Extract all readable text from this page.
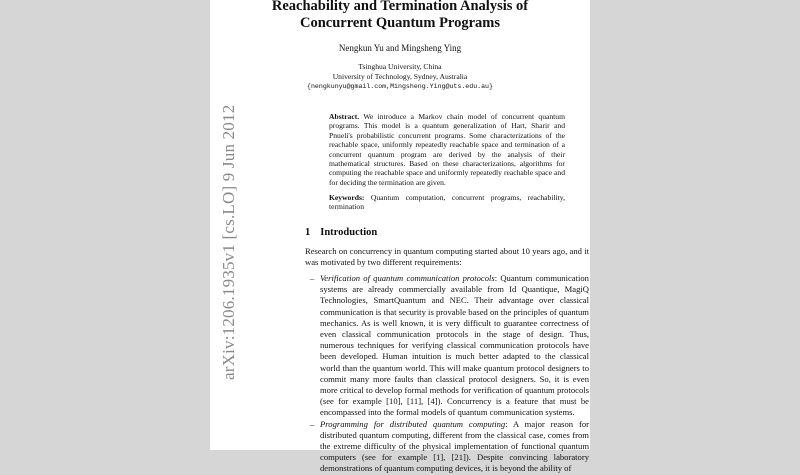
arXiv:1206.1935v1 [cs.LO] 9 Jun 2012
Reachability and Termination Analysis of
Concurrent Quantum Programs
Nengkun Yu and Mingsheng Ying
Tsinghua University, China
University of Technology, Sydney, Australia
{nengkunyu@gmail.com,Mingsheng.Ying@uts.edu.au}
Abstract. We introduce a Markov chain model of concurrent quantum programs. This model is a quantum generalization of Hart, Sharir and Pnueli's probabilistic concurrent programs. Some characterizations of the reachable space, uniformly repeatedly reachable space and termination of a concurrent quantum program are derived by the analysis of their mathematical structures. Based on these characterizations, algorithms for computing the reachable space and uniformly repeatedly reachable space and for deciding the termination are given.
Keywords: Quantum computation, concurrent programs, reachability, termination
1 Introduction
Research on concurrency in quantum computing started about 10 years ago, and it was motivated by two different requirements:
– Verification of quantum communication protocols: Quantum communication systems are already commercially available from Id Quantique, MagiQ Technologies, SmartQuantum and NEC. Their advantage over classical communication is that security is provable based on the principles of quantum mechanics. As is well known, it is very difficult to guarantee correctness of even classical communication protocols in the stage of design. Thus, numerous techniques for verifying classical communication protocols have been developed. Human intuition is much better adapted to the classical world than the quantum world. This will make quantum protocol designers to commit many more faults than classical protocol designers. So, it is even more critical to develop formal methods for verification of quantum protocols (see for example [10], [11], [4]). Concurrency is a feature that must be encompassed into the formal models of quantum communication systems.
– Programming for distributed quantum computing: A major reason for distributed quantum computing, different from the classical case, comes from the extreme difficulty of the physical implementation of functional quantum computers (see for example [1], [21]). Despite convincing laboratory demonstrations of quantum computing devices, it is beyond the ability of
